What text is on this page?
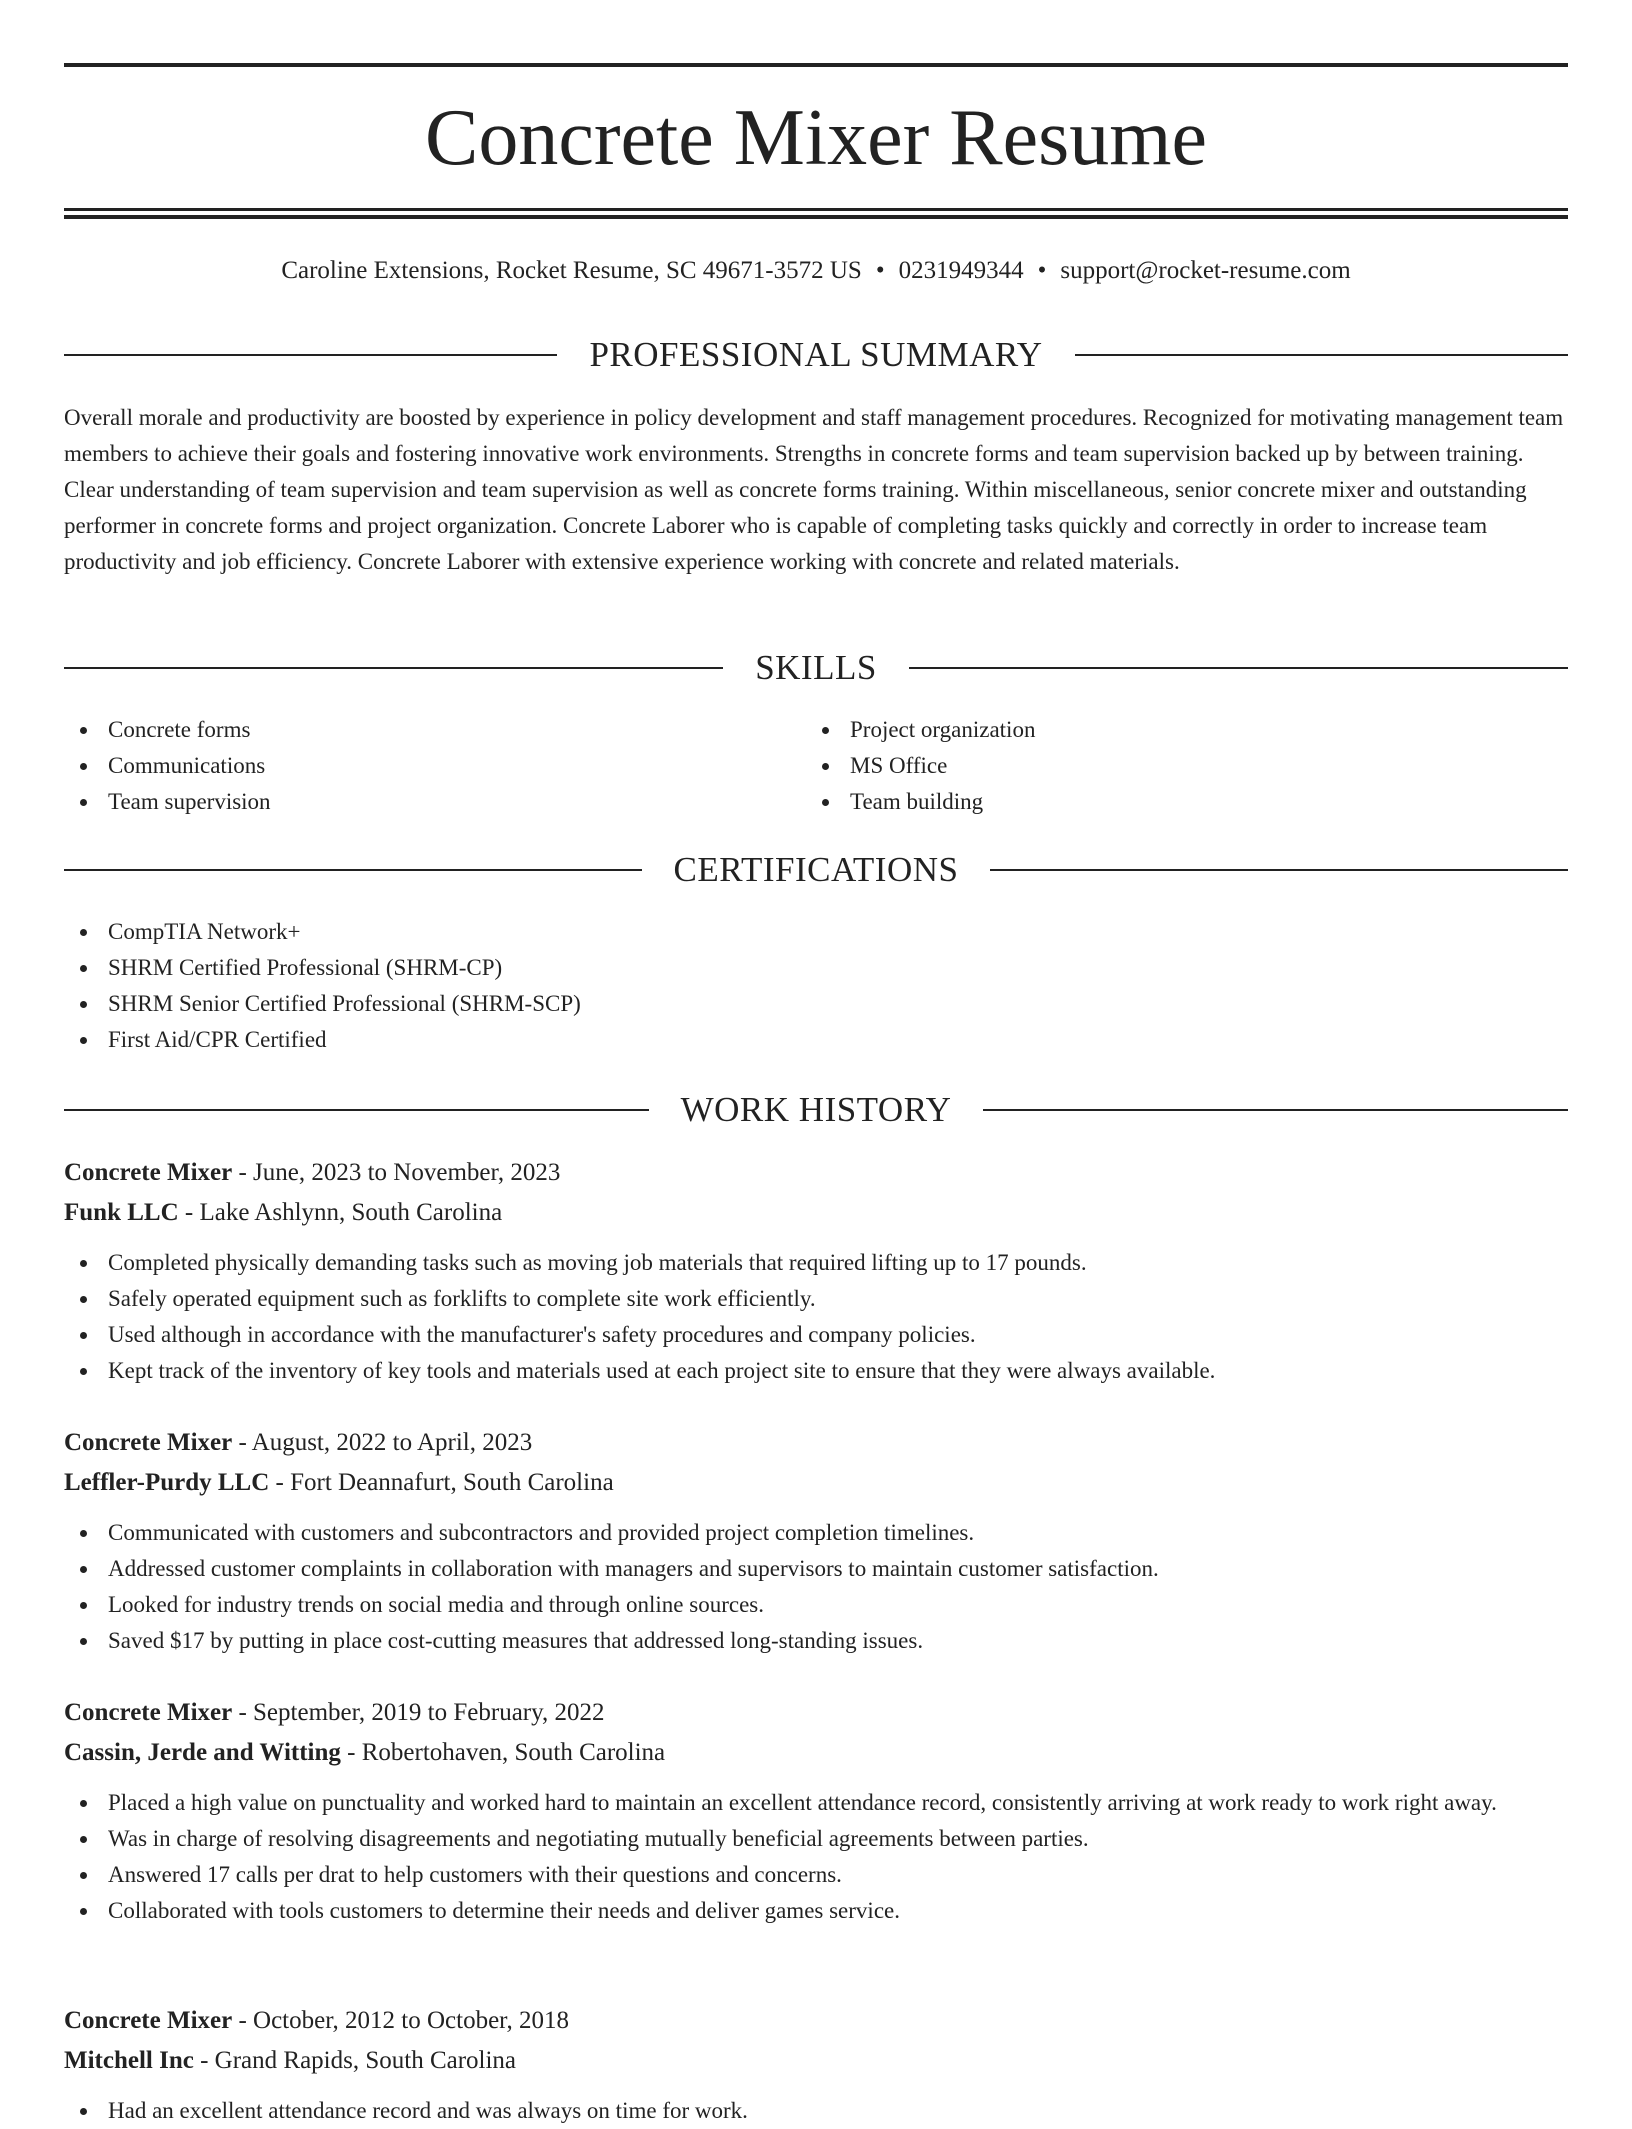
Concrete Mixer Resume
Caroline Extensions, Rocket Resume, SC 49671-3572 US • 0231949344 • support@rocket-resume.com
PROFESSIONAL SUMMARY

Overall morale and productivity are boosted by experience in policy development and staff management procedures. Recognized for motivating management team members to achieve their goals and fostering innovative work environments. Strengths in concrete forms and team supervision backed up by between training. Clear understanding of team supervision and team supervision as well as concrete forms training. Within miscellaneous, senior concrete mixer and outstanding performer in concrete forms and project organization. Concrete Laborer who is capable of completing tasks quickly and correctly in order to increase team productivity and job efficiency. Concrete Laborer with extensive experience working with concrete and related materials.

SKILLS
Concrete forms
Communications
Team supervision
Project organization
MS Office
Team building
CERTIFICATIONS
CompTIA Network+
SHRM Certified Professional (SHRM-CP)
SHRM Senior Certified Professional (SHRM-SCP)
First Aid/CPR Certified
WORK HISTORY
Concrete Mixer - June, 2023 to November, 2023
Funk LLC - Lake Ashlynn, South Carolina
Completed physically demanding tasks such as moving job materials that required lifting up to 17 pounds.
Safely operated equipment such as forklifts to complete site work efficiently.
Used although in accordance with the manufacturer's safety procedures and company policies.
Kept track of the inventory of key tools and materials used at each project site to ensure that they were always available.
Concrete Mixer - August, 2022 to April, 2023
Leffler-Purdy LLC - Fort Deannafurt, South Carolina
Communicated with customers and subcontractors and provided project completion timelines.
Addressed customer complaints in collaboration with managers and supervisors to maintain customer satisfaction.
Looked for industry trends on social media and through online sources.
Saved $17 by putting in place cost-cutting measures that addressed long-standing issues.
Concrete Mixer - September, 2019 to February, 2022
Cassin, Jerde and Witting - Robertohaven, South Carolina
Placed a high value on punctuality and worked hard to maintain an excellent attendance record, consistently arriving at work ready to work right away.
Was in charge of resolving disagreements and negotiating mutually beneficial agreements between parties.
Answered 17 calls per drat to help customers with their questions and concerns.
Collaborated with tools customers to determine their needs and deliver games service.
Concrete Mixer - October, 2012 to October, 2018
Mitchell Inc - Grand Rapids, South Carolina
Had an excellent attendance record and was always on time for work.
